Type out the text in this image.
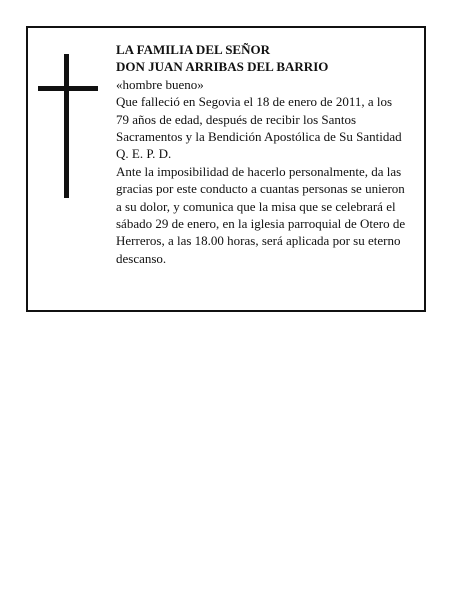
LA FAMILIA DEL SEÑOR
DON JUAN ARRIBAS DEL BARRIO
«hombre bueno»
Que falleció en Segovia el 18 de enero de 2011, a los
79 años de edad, después de recibir los Santos
Sacramentos y la Bendición Apostólica de Su Santidad
Q. E. P. D.
Ante la imposibilidad de hacerlo personalmente, da las
gracias por este conducto a cuantas personas se unieron
a su dolor, y comunica que la misa que se celebrará el
sábado 29 de enero, en la iglesia parroquial de Otero de
Herreros, a las 18.00 horas, será aplicada por su eterno
descanso.
